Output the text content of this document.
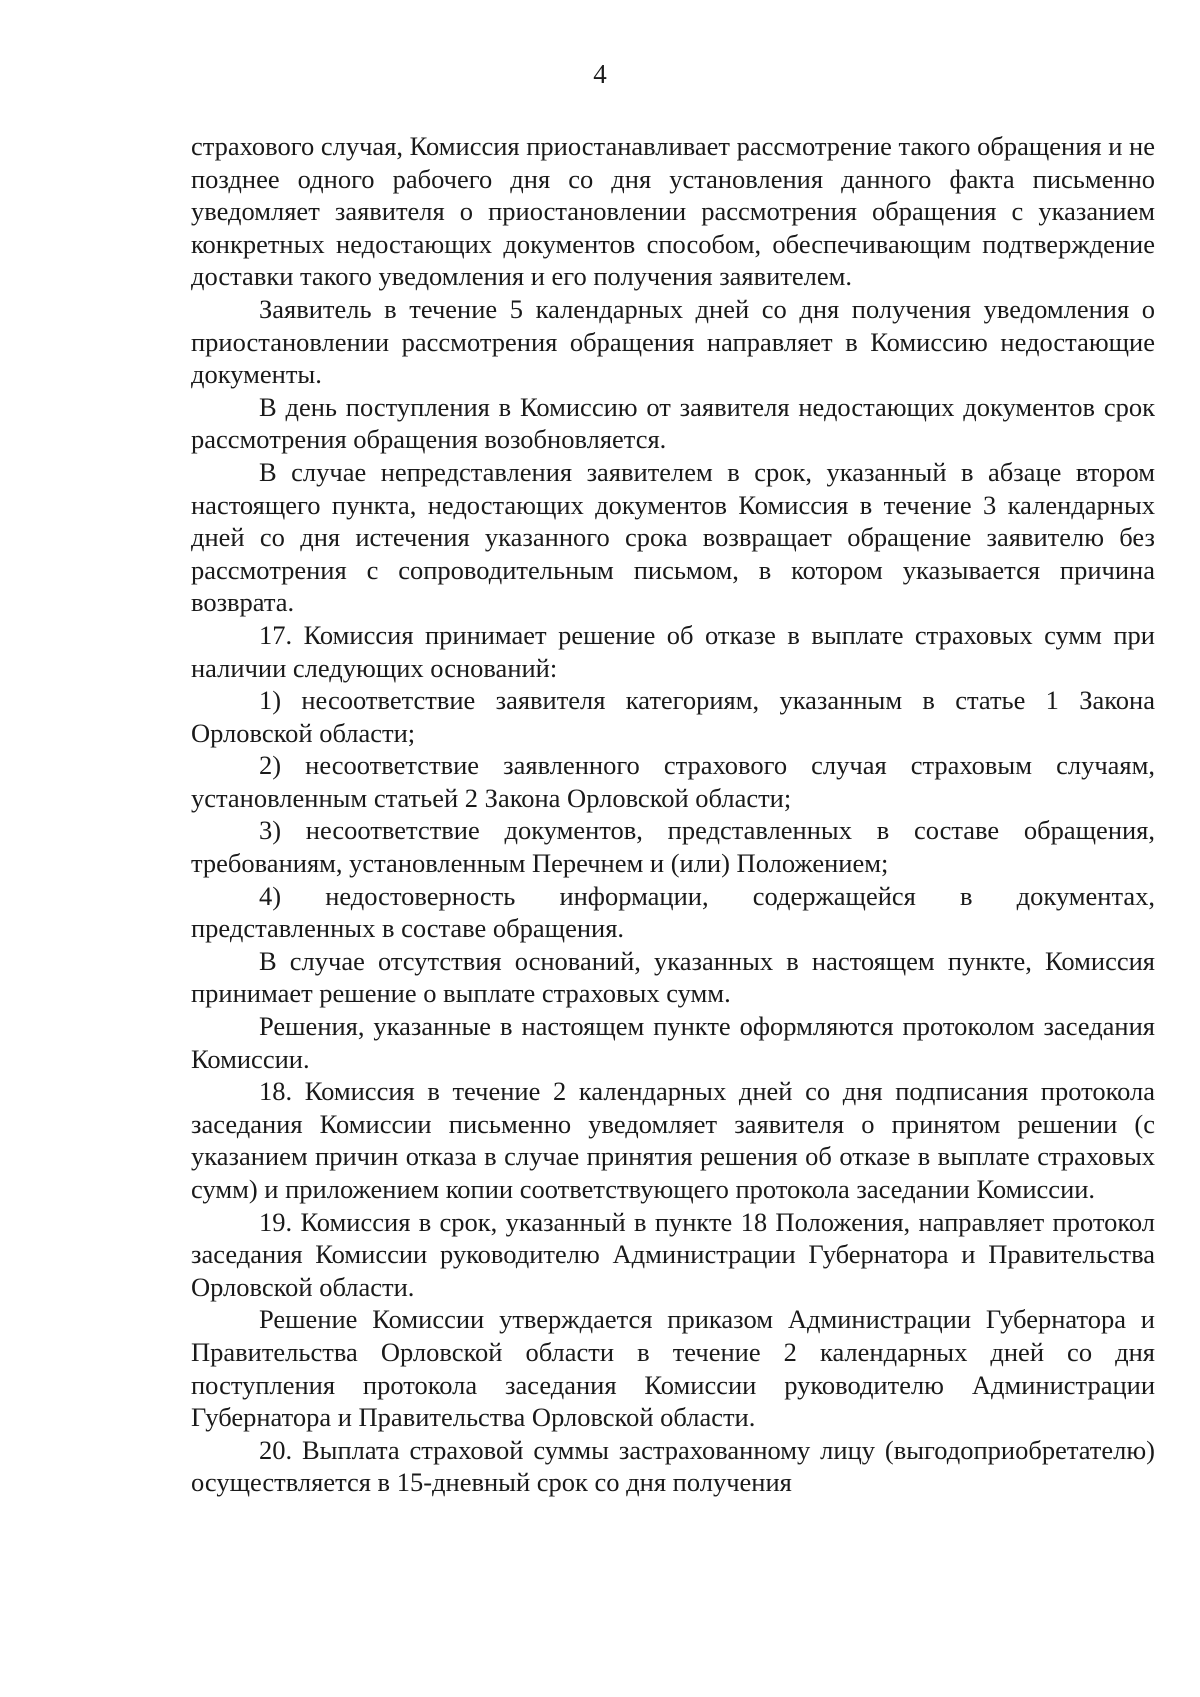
4

страхового случая, Комиссия приостанавливает рассмотрение такого обращения и не позднее одного рабочего дня со дня установления данного факта письменно уведомляет заявителя о приостановлении рассмотрения обращения с указанием конкретных недостающих документов способом, обеспечивающим подтверждение доставки такого уведомления и его получения заявителем.

Заявитель в течение 5 календарных дней со дня получения уведомления о приостановлении рассмотрения обращения направляет в Комиссию недостающие документы.

В день поступления в Комиссию от заявителя недостающих документов срок рассмотрения обращения возобновляется.

В случае непредставления заявителем в срок, указанный в абзаце втором настоящего пункта, недостающих документов Комиссия в течение 3 календарных дней со дня истечения указанного срока возвращает обращение заявителю без рассмотрения с сопроводительным письмом, в котором указывается причина возврата.

17. Комиссия принимает решение об отказе в выплате страховых сумм при наличии следующих оснований:

1) несоответствие заявителя категориям, указанным в статье 1 Закона Орловской области;

2) несоответствие заявленного страхового случая страховым случаям, установленным статьей 2 Закона Орловской области;

3) несоответствие документов, представленных в составе обращения, требованиям, установленным Перечнем и (или) Положением;

4) недостоверность информации, содержащейся в документах, представленных в составе обращения.

В случае отсутствия оснований, указанных в настоящем пункте, Комиссия принимает решение о выплате страховых сумм.

Решения, указанные в настоящем пункте оформляются протоколом заседания Комиссии.

18. Комиссия в течение 2 календарных дней со дня подписания протокола заседания Комиссии письменно уведомляет заявителя о принятом решении (с указанием причин отказа в случае принятия решения об отказе в выплате страховых сумм) и приложением копии соответствующего протокола заседании Комиссии.

19. Комиссия в срок, указанный в пункте 18 Положения, направляет протокол заседания Комиссии руководителю Администрации Губернатора и Правительства Орловской области.

Решение Комиссии утверждается приказом Администрации Губернатора и Правительства Орловской области в течение 2 календарных дней со дня поступления протокола заседания Комиссии руководителю Администрации Губернатора и Правительства Орловской области.

20. Выплата страховой суммы застрахованному лицу (выгодоприобретателю) осуществляется в 15-дневный срок со дня получения
